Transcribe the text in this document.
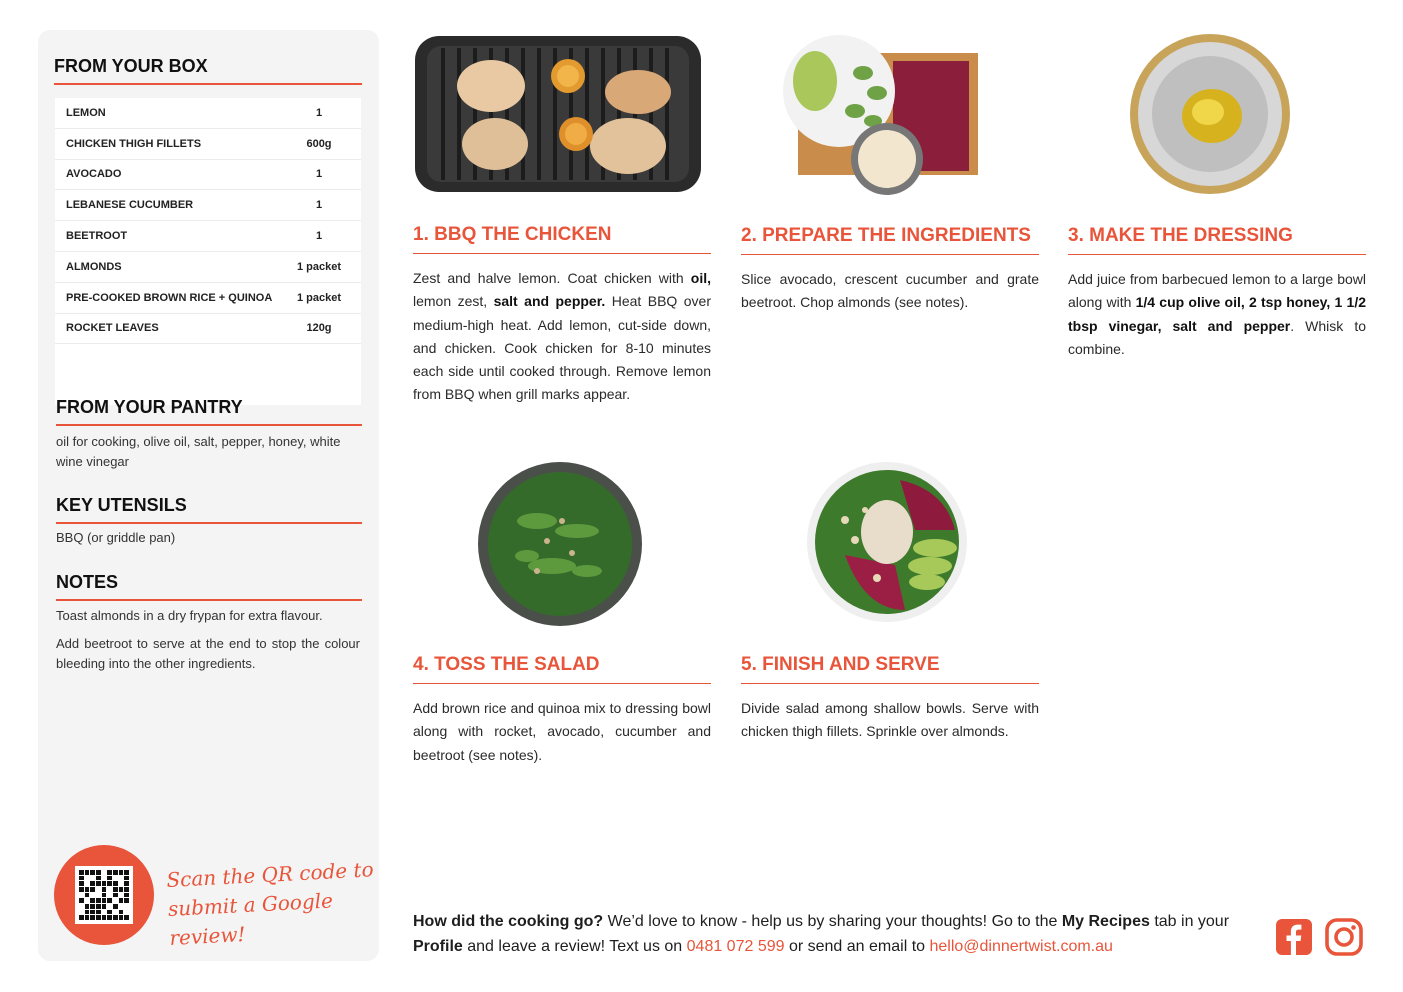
FROM YOUR BOX
LEMON	1
CHICKEN THIGH FILLETS	600g
AVOCADO	1
LEBANESE CUCUMBER	1
BEETROOT	1
ALMONDS	1 packet
PRE-COOKED BROWN RICE + QUINOA	1 packet
ROCKET LEAVES	120g
FROM YOUR PANTRY
oil for cooking, olive oil, salt, pepper, honey, white wine vinegar
KEY UTENSILS
BBQ (or griddle pan)
NOTES
Toast almonds in a dry frypan for extra flavour.
Add beetroot to serve at the end to stop the colour bleeding into the other ingredients.
Scan the QR code to
submit a Google review!
1. BBQ THE CHICKEN
Zest and halve lemon. Coat chicken with oil, lemon zest, salt and pepper. Heat BBQ over medium-high heat. Add lemon, cut-side down, and chicken. Cook chicken for 8-10 minutes each side until cooked through. Remove lemon from BBQ when grill marks appear.
2. PREPARE THE INGREDIENTS
Slice avocado, crescent cucumber and grate beetroot. Chop almonds (see notes).
3. MAKE THE DRESSING
Add juice from barbecued lemon to a large bowl along with 1/4 cup olive oil, 2 tsp honey, 1 1/2 tbsp vinegar, salt and pepper. Whisk to combine.
4. TOSS THE SALAD
Add brown rice and quinoa mix to dressing bowl along with rocket, avocado, cucumber and beetroot (see notes).
5. FINISH AND SERVE
Divide salad among shallow bowls. Serve with chicken thigh fillets. Sprinkle over almonds.
How did the cooking go? We’d love to know - help us by sharing your thoughts! Go to the My Recipes tab in your Profile and leave a review! Text us on 0481 072 599 or send an email to hello@dinnertwist.com.au
